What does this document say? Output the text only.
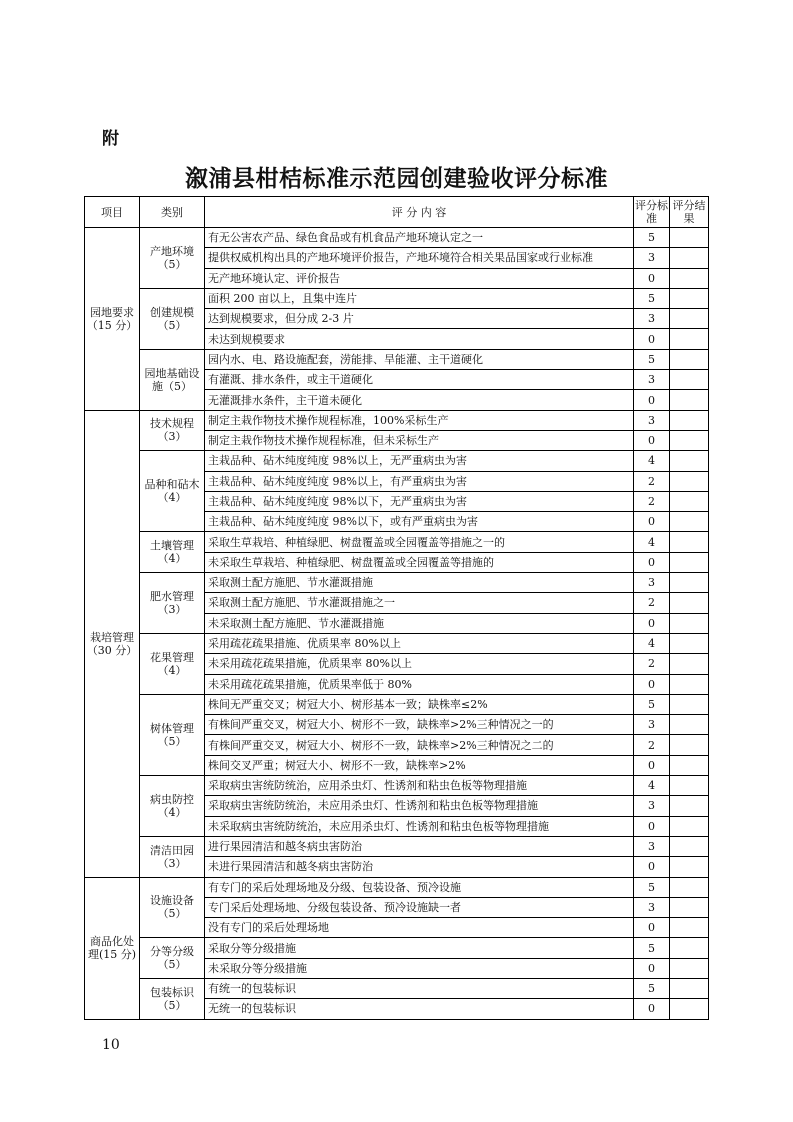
附
溆浦县柑桔标准示范园创建验收评分标准
项目	类别	评 分 内 容	评分标准	评分结果
园地要求（15 分）	产地环境（5）	有无公害农产品、绿色食品或有机食品产地环境认定之一	5	
		提供权威机构出具的产地环境评价报告，产地环境符合相关果品国家或行业标准	3	
		无产地环境认定、评价报告	0	
	创建规模（5）	面积 200 亩以上，且集中连片	5	
		达到规模要求，但分成 2-3 片	3	
		未达到规模要求	0	
	园地基础设施（5）	园内水、电、路设施配套，涝能排、旱能灌、主干道硬化	5	
		有灌溉、排水条件，或主干道硬化	3	
		无灌溉排水条件，主干道未硬化	0	
栽培管理（30 分）	技术规程（3）	制定主栽作物技术操作规程标准，100%采标生产	3	
		制定主栽作物技术操作规程标准，但未采标生产	0	
	品种和砧木（4）	主栽品种、砧木纯度纯度 98%以上，无严重病虫为害	4	
		主栽品种、砧木纯度纯度 98%以上，有严重病虫为害	2	
		主栽品种、砧木纯度纯度 98%以下，无严重病虫为害	2	
		主栽品种、砧木纯度纯度 98%以下，或有严重病虫为害	0	
	土壤管理（4）	采取生草栽培、种植绿肥、树盘覆盖或全园覆盖等措施之一的	4	
		未采取生草栽培、种植绿肥、树盘覆盖或全园覆盖等措施的	0	
	肥水管理（3）	采取测土配方施肥、节水灌溉措施	3	
		采取测土配方施肥、节水灌溉措施之一	2	
		未采取测土配方施肥、节水灌溉措施	0	
	花果管理（4）	采用疏花疏果措施、优质果率 80%以上	4	
		未采用疏花疏果措施，优质果率 80%以上	2	
		未采用疏花疏果措施，优质果率低于 80%	0	
	树体管理（5）	株间无严重交叉；树冠大小、树形基本一致；缺株率≤2%	5	
		有株间严重交叉，树冠大小、树形不一致，缺株率>2%三种情况之一的	3	
		有株间严重交叉，树冠大小、树形不一致，缺株率>2%三种情况之二的	2	
		株间交叉严重；树冠大小、树形不一致，缺株率>2%	0	
	病虫防控（4）	采取病虫害统防统治，应用杀虫灯、性诱剂和粘虫色板等物理措施	4	
		采取病虫害统防统治，未应用杀虫灯、性诱剂和粘虫色板等物理措施	3	
		未采取病虫害统防统治，未应用杀虫灯、性诱剂和粘虫色板等物理措施	0	
	清洁田园（3）	进行果园清洁和越冬病虫害防治	3	
		未进行果园清洁和越冬病虫害防治	0	
商品化处理(15 分)	设施设备（5）	有专门的采后处理场地及分级、包装设备、预冷设施	5	
		专门采后处理场地、分级包装设备、预冷设施缺一者	3	
		没有专门的采后处理场地	0	
	分等分级（5）	采取分等分级措施	5	
		未采取分等分级措施	0	
	包装标识（5）	有统一的包装标识	5	
		无统一的包装标识	0	
10
